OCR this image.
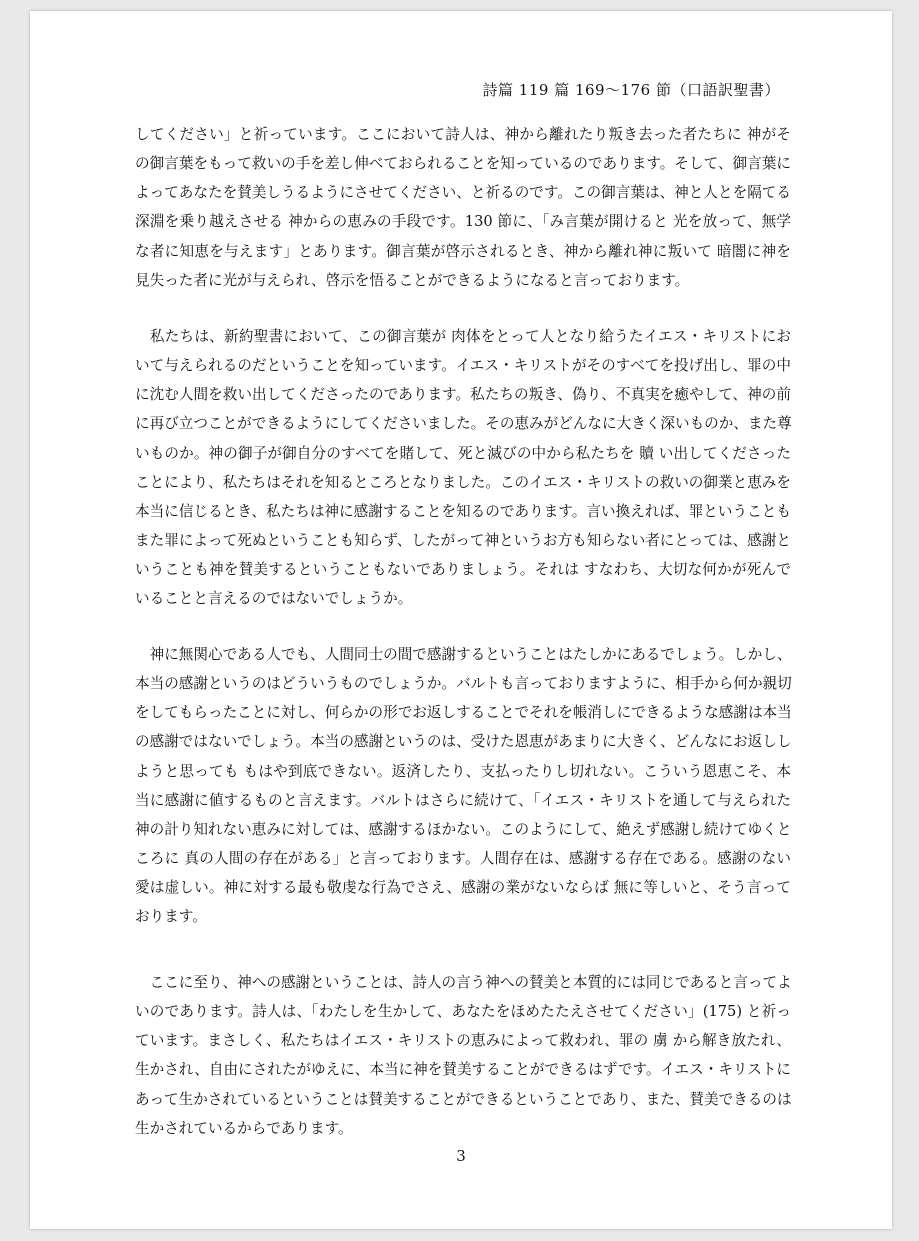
詩篇 119 篇 169～176 節（口語訳聖書）
してください」と祈っています。ここにおいて詩人は、神から離れたり叛き去った者たちに 神がそ
の御言葉をもって救いの手を差し伸べておられることを知っているのであります。そして、御言葉に
よってあなたを賛美しうるようにさせてください、と祈るのです。この御言葉は、神と人とを隔てる
深淵を乗り越えさせる 神からの恵みの手段です。130 節に、「み言葉が開けると 光を放って、無学
な者に知恵を与えます」とあります。御言葉が啓示されるとき、神から離れ神に叛いて 暗闇に神を
見失った者に光が与えられ、啓示を悟ることができるようになると言っております。
　私たちは、新約聖書において、この御言葉が 肉体をとって人となり給うたイエス・キリストにお
いて与えられるのだということを知っています。イエス・キリストがそのすべてを投げ出し、罪の中
に沈む人間を救い出してくださったのであります。私たちの叛き、偽り、不真実を癒やして、神の前
に再び立つことができるようにしてくださいました。その恵みがどんなに大きく深いものか、また尊
いものか。神の御子が御自分のすべてを賭して、死と滅びの中から私たちを 贖 い出してくださった
ことにより、私たちはそれを知るところとなりました。このイエス・キリストの救いの御業と恵みを
本当に信じるとき、私たちは神に感謝することを知るのであります。言い換えれば、罪ということも
また罪によって死ぬということも知らず、したがって神というお方も知らない者にとっては、感謝と
いうことも神を賛美するということもないでありましょう。それは すなわち、大切な何かが死んで
いることと言えるのではないでしょうか。
　神に無関心である人でも、人間同士の間で感謝するということはたしかにあるでしょう。しかし、
本当の感謝というのはどういうものでしょうか。バルトも言っておりますように、相手から何か親切
をしてもらったことに対し、何らかの形でお返しすることでそれを帳消しにできるような感謝は本当
の感謝ではないでしょう。本当の感謝というのは、受けた恩恵があまりに大きく、どんなにお返しし
ようと思っても もはや到底できない。返済したり、支払ったりし切れない。こういう恩恵こそ、本
当に感謝に値するものと言えます。バルトはさらに続けて、「イエス・キリストを通して与えられた
神の計り知れない恵みに対しては、感謝するほかない。このようにして、絶えず感謝し続けてゆくと
ころに 真の人間の存在がある」と言っております。人間存在は、感謝する存在である。感謝のない
愛は虚しい。神に対する最も敬虔な行為でさえ、感謝の業がないならば 無に等しいと、そう言って
おります。
　ここに至り、神への感謝ということは、詩人の言う神への賛美と本質的には同じであると言ってよ
いのであります。詩人は、「わたしを生かして、あなたをほめたたえさせてください」(175) と祈っ
ています。まさしく、私たちはイエス・キリストの恵みによって救われ、罪の 虜 から解き放たれ、
生かされ、自由にされたがゆえに、本当に神を賛美することができるはずです。イエス・キリストに
あって生かされているということは賛美することができるということであり、また、賛美できるのは
生かされているからであります。
3
